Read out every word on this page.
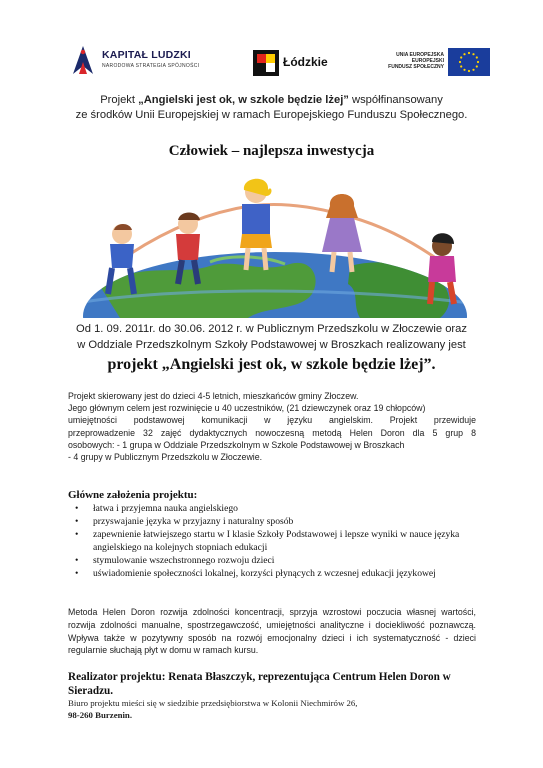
KAPITAŁ LUDZKI
NARODOWA STRATEGIA SPÓJNOŚCI	Łódzkie	UNIA EUROPEJSKA
EUROPEJSKI
FUNDUSZ SPOŁECZNY
Projekt „Angielski jest ok, w szkole będzie lżej” współfinansowany
ze środków Unii Europejskiej w ramach Europejskiego Funduszu Społecznego.
Człowiek – najlepsza inwestycja
Od 1. 09. 2011r. do 30.06. 2012 r. w Publicznym Przedszkolu w Złoczewie oraz
w Oddziale Przedszkolnym Szkoły Podstawowej w Broszkach realizowany jest
projekt „Angielski jest ok, w szkole będzie lżej”.
Projekt skierowany jest do dzieci 4-5 letnich, mieszkańców gminy Złoczew.
Jego głównym celem jest rozwinięcie u 40 uczestników, (21 dziewczynek oraz 19 chłopców)
umiejętności podstawowej komunikacji w języku angielskim. Projekt przewiduje
przeprowadzenie 32 zajęć dydaktycznych nowoczesną metodą Helen Doron dla 5 grup 8
osobowych: - 1 grupa w Oddziale Przedszkolnym w Szkole Podstawowej w Broszkach
- 4 grupy w Publicznym Przedszkolu w Złoczewie.
Główne założenia projektu:
• łatwa i przyjemna nauka angielskiego
• przyswajanie języka w przyjazny i naturalny sposób
• zapewnienie łatwiejszego startu w I klasie Szkoły Podstawowej i lepsze wyniki w nauce języka angielskiego na kolejnych stopniach edukacji
• stymulowanie wszechstronnego rozwoju dzieci
• uświadomienie społeczności lokalnej, korzyści płynących z wczesnej edukacji językowej
Metoda Helen Doron rozwija zdolności koncentracji, sprzyja wzrostowi poczucia własnej wartości, rozwija zdolności manualne, spostrzegawczość, umiejętności analityczne i dociekliwość poznawczą. Wpływa także w pozytywny sposób na rozwój emocjonalny dzieci i ich systematyczność - dzieci regularnie słuchają płyt w domu w ramach kursu.
Realizator projektu: Renata Błaszczyk, reprezentująca Centrum Helen Doron w Sieradzu.
Biuro projektu mieści się w siedzibie przedsiębiorstwa w Kolonii Niechmirów 26,
98-260 Burzenin.
